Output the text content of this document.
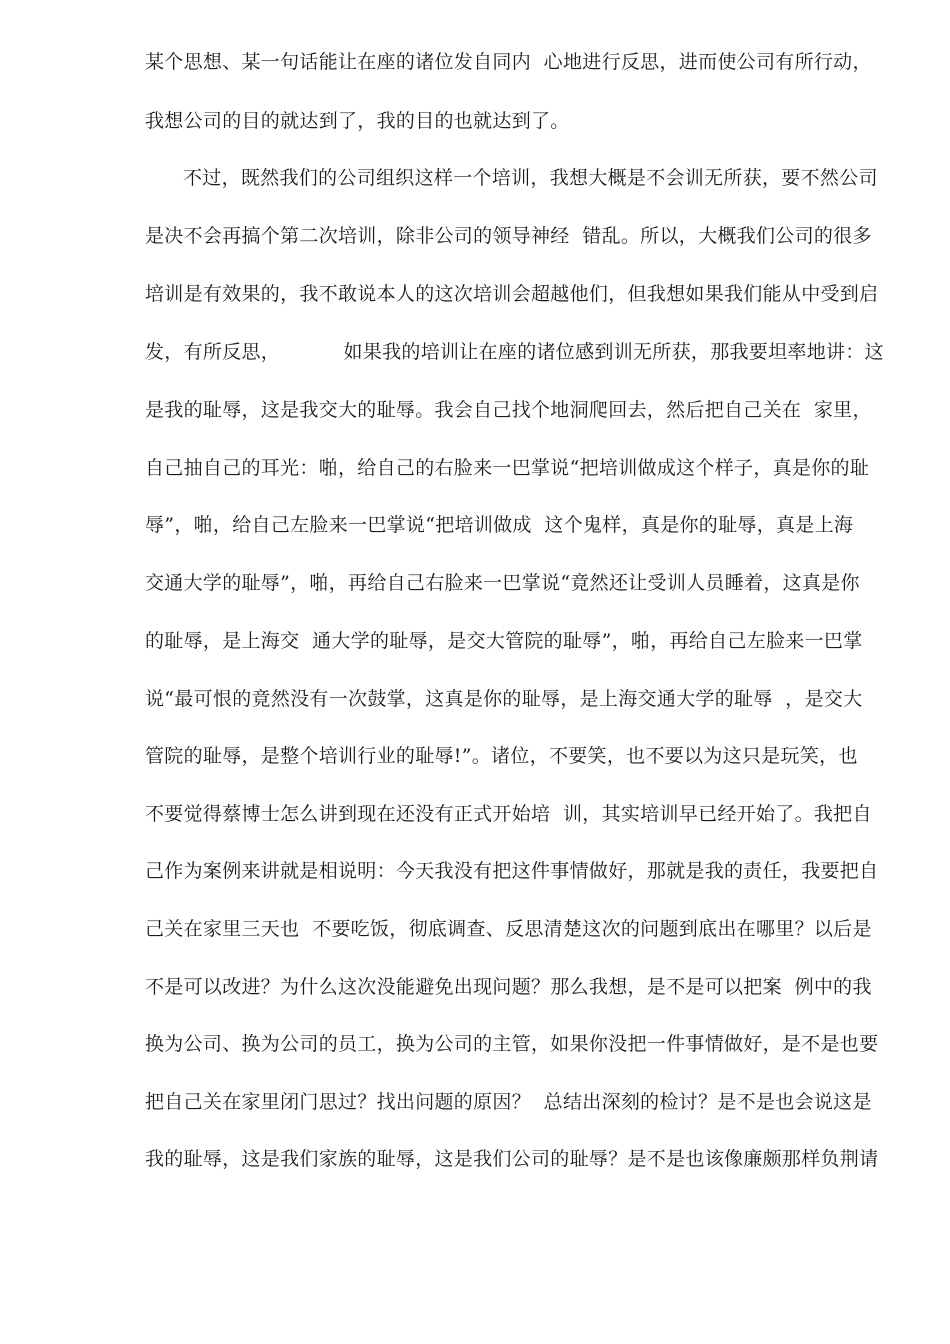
某个思想、某一句话能让在座的诸位发自同内  心地进行反思，进而使公司有所行动，

我想公司的目的就达到了，我的目的也就达到了。

不过，既然我们的公司组织这样一个培训，我想大概是不会训无所获，要不然公司

是决不会再搞个第二次培训，除非公司的领导神经  错乱。所以，大概我们公司的很多

培训是有效果的，我不敢说本人的这次培训会超越他们，但我想如果我们能从中受到启

发，有所反思，          如果我的培训让在座的诸位感到训无所获，那我要坦率地讲：这

是我的耻辱，这是我交大的耻辱。我会自己找个地洞爬回去，然后把自己关在  家里，

自己抽自己的耳光：啪，给自己的右脸来一巴掌说“把培训做成这个样子，真是你的耻

辱”，啪，给自己左脸来一巴掌说“把培训做成  这个鬼样，真是你的耻辱，真是上海

交通大学的耻辱”，啪，再给自己右脸来一巴掌说“竟然还让受训人员睡着，这真是你

的耻辱，是上海交  通大学的耻辱，是交大管院的耻辱”，啪，再给自己左脸来一巴掌

说“最可恨的竟然没有一次鼓掌，这真是你的耻辱，是上海交通大学的耻辱  ，是交大

管院的耻辱，是整个培训行业的耻辱!”。诸位，不要笑，也不要以为这只是玩笑，也

不要觉得蔡博士怎么讲到现在还没有正式开始培  训，其实培训早已经开始了。我把自

己作为案例来讲就是相说明：今天我没有把这件事情做好，那就是我的责任，我要把自

己关在家里三天也  不要吃饭，彻底调查、反思清楚这次的问题到底出在哪里？以后是

不是可以改进？为什么这次没能避免出现问题？那么我想，是不是可以把案  例中的我

换为公司、换为公司的员工，换为公司的主管，如果你没把一件事情做好，是不是也要

把自己关在家里闭门思过？找出问题的原因？  总结出深刻的检讨？是不是也会说这是

我的耻辱，这是我们家族的耻辱，这是我们公司的耻辱？是不是也该像廉颇那样负荆请
